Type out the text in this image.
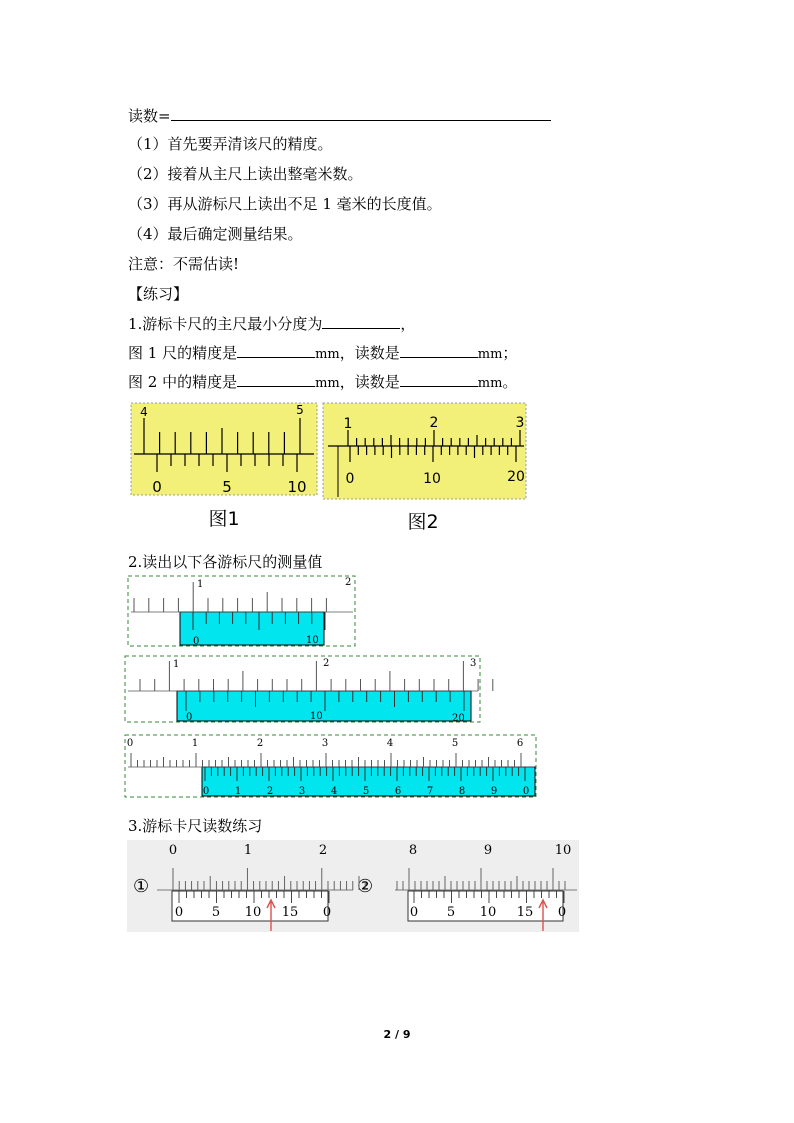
读数=
（1）首先要弄清该尺的精度。
（2）接着从主尺上读出整毫米数。
（3）再从游标尺上读出不足 1 毫米的长度值。
（4）最后确定测量结果。
注意：不需估读!
【练习】
1.游标卡尺的主尺最小分度为	，
图 1 尺的精度是	mm，读数是	mm；
图 2 中的精度是	mm，读数是	mm。
4	5
0	5	10
图1
1	2	3
0	10	20
图2
2.读出以下各游标尺的测量值
1	2
0	10
1	2	3
0	10	20
0	1	2	3	4	5	6
0	1	2	3	4	5	6	7	8	9	0
3.游标卡尺读数练习
①	②
0	1	2
0 5 10 15 0
8	9	10
0 5 10 15 0
2 / 9
